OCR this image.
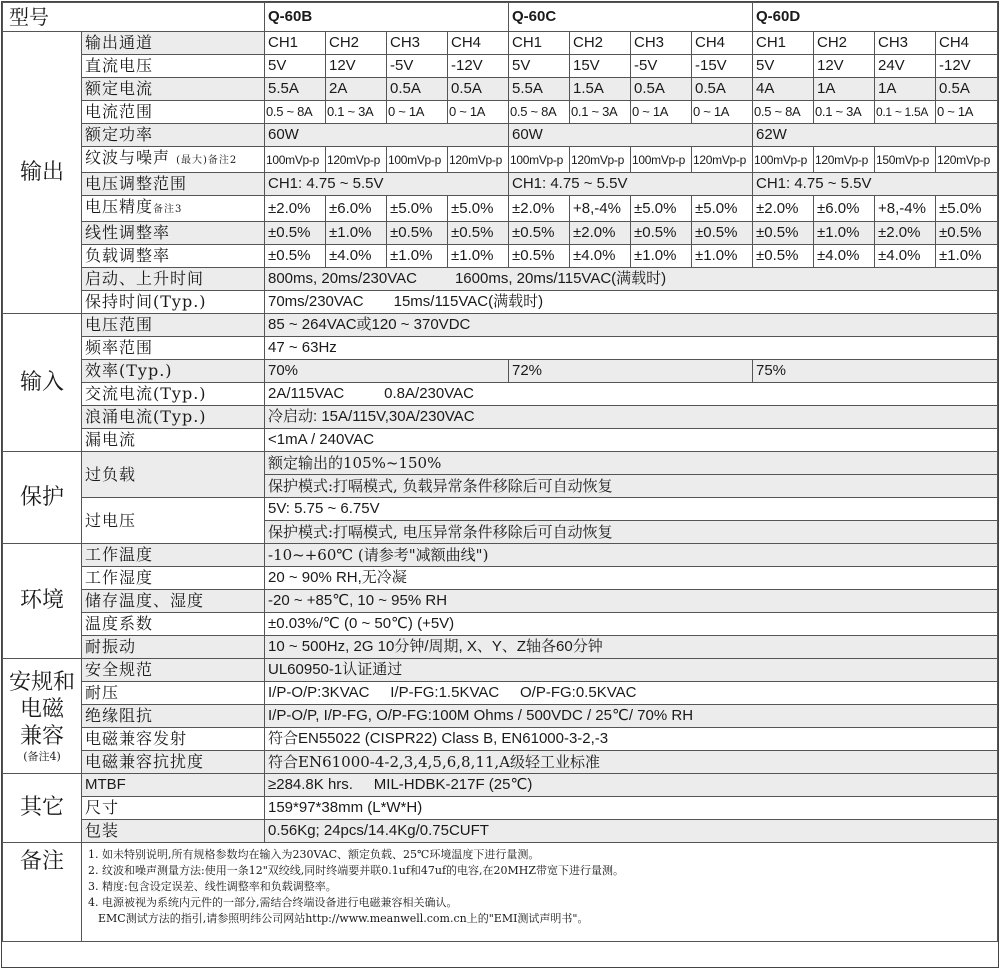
型号		Q-60B				Q-60C				Q-60D			
输出	输出通道	CH1	CH2	CH3	CH4	CH1	CH2	CH3	CH4	CH1	CH2	CH3	CH4
	直流电压	5V	12V	-5V	-12V	5V	15V	-5V	-15V	5V	12V	24V	-12V
	额定电流	5.5A	2A	0.5A	0.5A	5.5A	1.5A	0.5A	0.5A	4A	1A	1A	0.5A
	电流范围	0.5 ~ 8A	0.1 ~ 3A	0 ~ 1A	0 ~ 1A	0.5 ~ 8A	0.1 ~ 3A	0 ~ 1A	0 ~ 1A	0.5 ~ 8A	0.1 ~ 3A	0.1 ~ 1.5A	0 ~ 1A
	额定功率	60W				60W				62W			
	纹波与噪声 (最大)备注2	100mVp-p	120mVp-p	100mVp-p	120mVp-p	100mVp-p	120mVp-p	100mVp-p	120mVp-p	100mVp-p	120mVp-p	150mVp-p	120mVp-p
	电压调整范围	CH1: 4.75 ~ 5.5V				CH1: 4.75 ~ 5.5V				CH1: 4.75 ~ 5.5V			
	电压精度备注3	±2.0%	±6.0%	±5.0%	±5.0%	±2.0%	+8,-4%	±5.0%	±5.0%	±2.0%	±6.0%	+8,-4%	±5.0%
	线性调整率	±0.5%	±1.0%	±0.5%	±0.5%	±0.5%	±2.0%	±0.5%	±0.5%	±0.5%	±1.0%	±2.0%	±0.5%
	负载调整率	±0.5%	±4.0%	±1.0%	±1.0%	±0.5%	±4.0%	±1.0%	±1.0%	±0.5%	±4.0%	±4.0%	±1.0%
	启动、上升时间	800ms, 20ms/230VAC 1600ms, 20ms/115VAC(满载时)											
	保持时间(Typ.)	70ms/230VAC 15ms/115VAC(满载时)											
输入	电压范围	85 ~ 264VAC或120 ~ 370VDC											
	频率范围	47 ~ 63Hz											
	效率(Typ.)	70%				72%				75%			
	交流电流(Typ.)	2A/115VAC 0.8A/230VAC											
	浪涌电流(Typ.)	冷启动: 15A/115V,30A/230VAC											
	漏电流	<1mA / 240VAC											
保护	过负载	额定输出的105%~150%											
		保护模式:打嗝模式, 负载异常条件移除后可自动恢复											
	过电压	5V: 5.75 ~ 6.75V											
		保护模式:打嗝模式, 电压异常条件移除后可自动恢复											
环境	工作温度	-10~+60℃ (请参考"减额曲线")											
	工作湿度	20 ~ 90% RH,无冷凝											
	储存温度、湿度	-20 ~ +85℃, 10 ~ 95% RH											
	温度系数	±0.03%/℃ (0 ~ 50℃) (+5V)											
	耐振动	10 ~ 500Hz, 2G 10分钟/周期, X、Y、Z轴各60分钟											

安规和
电磁
兼容
(备注4)	安全规范	UL60950-1认证通过											
	耐压	I/P-O/P:3KVAC     I/P-FG:1.5KVAC     O/P-FG:0.5KVAC											
	绝缘阻抗	I/P-O/P, I/P-FG, O/P-FG:100M Ohms / 500VDC / 25℃/ 70% RH											
	电磁兼容发射	符合EN55022 (CISPR22) Class B, EN61000-3-2,-3											
	电磁兼容抗扰度	符合EN61000-4-2,3,4,5,6,8,11,A级轻工业标准											
其它	MTBF	≥284.8K hrs.     MIL-HDBK-217F (25℃)											
	尺寸	159*97*38mm (L*W*H)											
	包装	0.56Kg; 24pcs/14.4Kg/0.75CUFT											
备注	1. 如未特别说明,所有规格参数均在输入为230VAC、额定负载、25℃环境温度下进行量测。
2. 纹波和噪声测量方法:使用一条12"双绞线,同时终端要并联0.1uf和47uf的电容,在20MHZ带宽下进行量测。
3. 精度:包含设定误差、线性调整率和负载调整率。
4. 电源被视为系统内元件的一部分,需结合终端设备进行电磁兼容相关确认。
EMC测试方法的指引,请参照明纬公司网站http://www.meanwell.com.cn上的"EMI测试声明书"。												
